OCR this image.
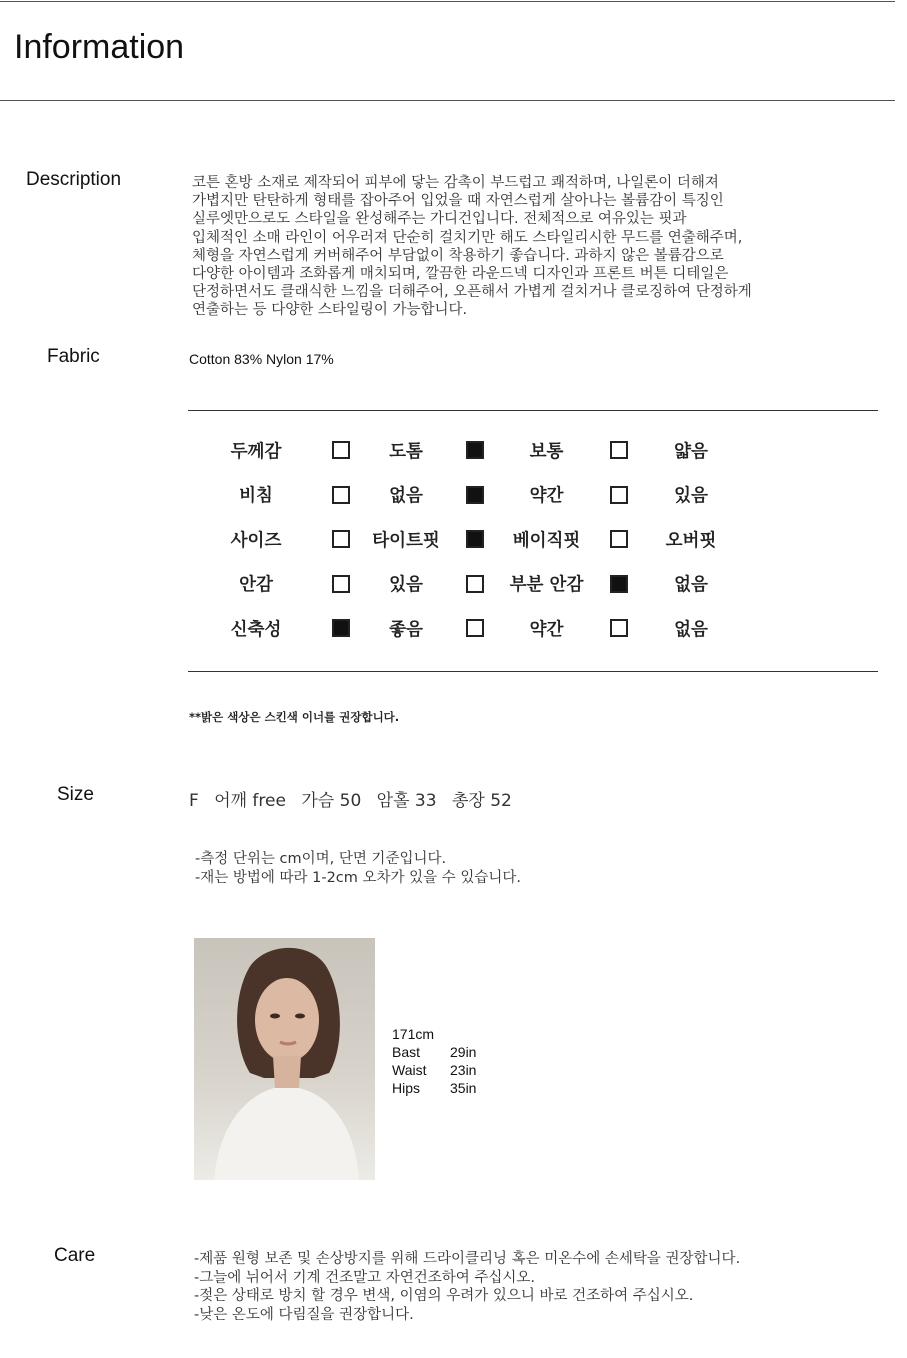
Information
Description	코튼 혼방 소재로 제작되어 피부에 닿는 감촉이 부드럽고 쾌적하며, 나일론이 더해져
가볍지만 탄탄하게 형태를 잡아주어 입었을 때 자연스럽게 살아나는 볼륨감이 특징인
실루엣만으로도 스타일을 완성해주는 가디건입니다. 전체적으로 여유있는 핏과
입체적인 소매 라인이 어우러져 단순히 걸치기만 해도 스타일리시한 무드를 연출해주며,
체형을 자연스럽게 커버해주어 부담없이 착용하기 좋습니다. 과하지 않은 볼륨감으로
다양한 아이템과 조화롭게 매치되며, 깔끔한 라운드넥 디자인과 프론트 버튼 디테일은
단정하면서도 클래식한 느낌을 더해주어, 오픈해서 가볍게 걸치거나 클로징하여 단정하게
연출하는 등 다양한 스타일링이 가능합니다.
Fabric	Cotton 83% Nylon 17%
두께감		도톰		보통		얇음
비침		없음		약간		있음
사이즈		타이트핏		베이직핏		오버핏
안감		있음		부분 안감		없음
신축성		좋음		약간		없음
**밝은 색상은 스킨색 이너를 권장합니다.
Size	F 어깨 free 가슴 50 암홀 33 총장 52
-측정 단위는 cm이며, 단면 기준입니다.
-재는 방법에 따라 1-2cm 오차가 있을 수 있습니다.
171cm
Bast	29in
Waist	23in
Hips	35in
Care	-제품 원형 보존 및 손상방지를 위해 드라이클리닝 혹은 미온수에 손세탁을 권장합니다.
-그늘에 뉘어서 기계 건조말고 자연건조하여 주십시오.
-젖은 상태로 방치 할 경우 변색, 이염의 우려가 있으니 바로 건조하여 주십시오.
-낮은 온도에 다림질을 권장합니다.
